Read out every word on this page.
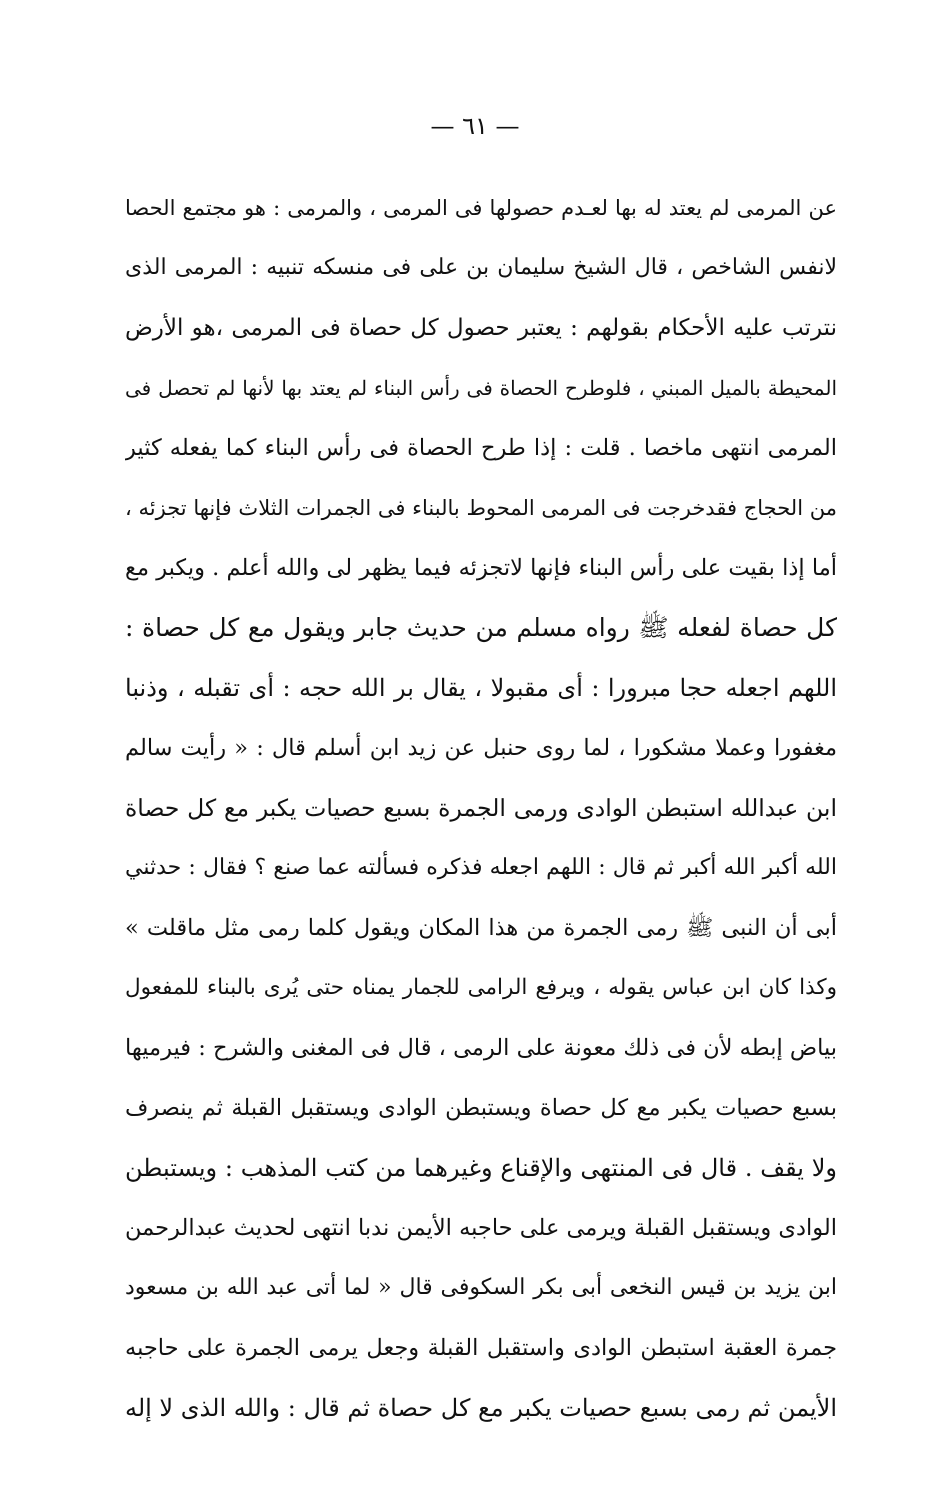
— ٦١ —
عن المرمى لم يعتد له بها لعـدم حصولها فى المرمى ، والمرمى : هو مجتمع الحصا
لانفس الشاخص ، قال الشيخ سليمان بن على فى منسكه تنبيه : المرمى الذى
نترتب عليه الأحكام بقولهم : يعتبر حصول كل حصاة فى المرمى ،هو الأرض
المحيطة بالميل المبني ، فلوطرح الحصاة فى رأس البناء لم يعتد بها لأنها لم تحصل فى
المرمى انتهى ماخصا . قلت : إذا طرح الحصاة فى رأس البناء كما يفعله كثير
من الحجاج فقدخرجت فى المرمى المحوط بالبناء فى الجمرات الثلاث فإنها تجزئه ،
أما إذا بقيت على رأس البناء فإنها لاتجزئه فيما يظهر لى والله أعلم . ويكبر مع
كل حصاة لفعله ﷺ رواه مسلم من حديث جابر ويقول مع كل حصاة :
اللهم اجعله حجا مبرورا : أى مقبولا ، يقال بر الله حجه : أى تقبله ، وذنبا
مغفورا وعملا مشكورا ، لما روى حنبل عن زيد ابن أسلم قال : « رأيت سالم
ابن عبدالله استبطن الوادى ورمى الجمرة بسبع حصيات يكبر مع كل حصاة
الله أكبر الله أكبر ثم قال : اللهم اجعله فذكره فسألته عما صنع ؟ فقال : حدثني
أبى أن النبى ﷺ رمى الجمرة من هذا المكان ويقول كلما رمى مثل ماقلت »
وكذا كان ابن عباس يقوله ، ويرفع الرامى للجمار يمناه حتى يُرى بالبناء للمفعول
بياض إبطه لأن فى ذلك معونة على الرمى ، قال فى المغنى والشرح : فيرميها
بسبع حصيات يكبر مع كل حصاة ويستبطن الوادى ويستقبل القبلة ثم ينصرف
ولا يقف . قال فى المنتهى والإقناع وغيرهما من كتب المذهب : ويستبطن
الوادى ويستقبل القبلة ويرمى على حاجبه الأيمن ندبا انتهى لحديث عبدالرحمن
ابن يزيد بن قيس النخعى أبى بكر السكوفى قال « لما أتى عبد الله بن مسعود
جمرة العقبة استبطن الوادى واستقبل القبلة وجعل يرمى الجمرة على حاجبه
الأيمن ثم رمى بسبع حصيات يكبر مع كل حصاة ثم قال : والله الذى لا إله
